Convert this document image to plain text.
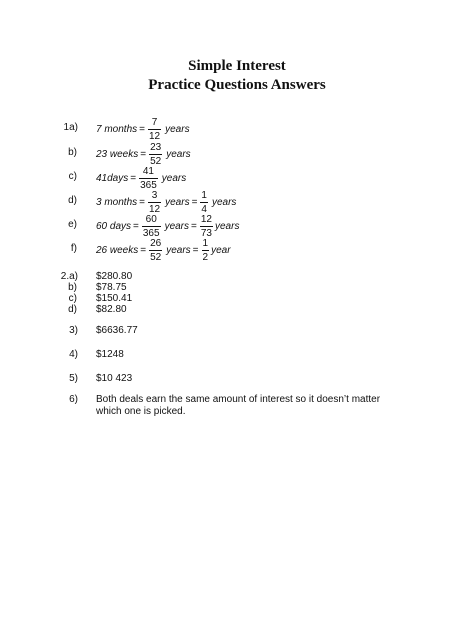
Simple Interest
Practice Questions Answers
1a) 7 months = $\frac{7}{12}$ years
b) 23 weeks = $\frac{23}{52}$ years
c) 41days = $\frac{41}{365}$ years
d) 3 months = $\frac{3}{12}$ years = $\frac{1}{4}$ years
e) 60 days = $\frac{60}{365}$ years = $\frac{12}{73}$ years
f) 26 weeks = $\frac{26}{52}$ years = $\frac{1}{2}$ year
2.a) $280.80
b) $78.75
c) $150.41
d) $82.80
3) $6636.77
4) $1248
5) $10 423
6) Both deals earn the same amount of interest so it doesn’t matter which one is picked.
